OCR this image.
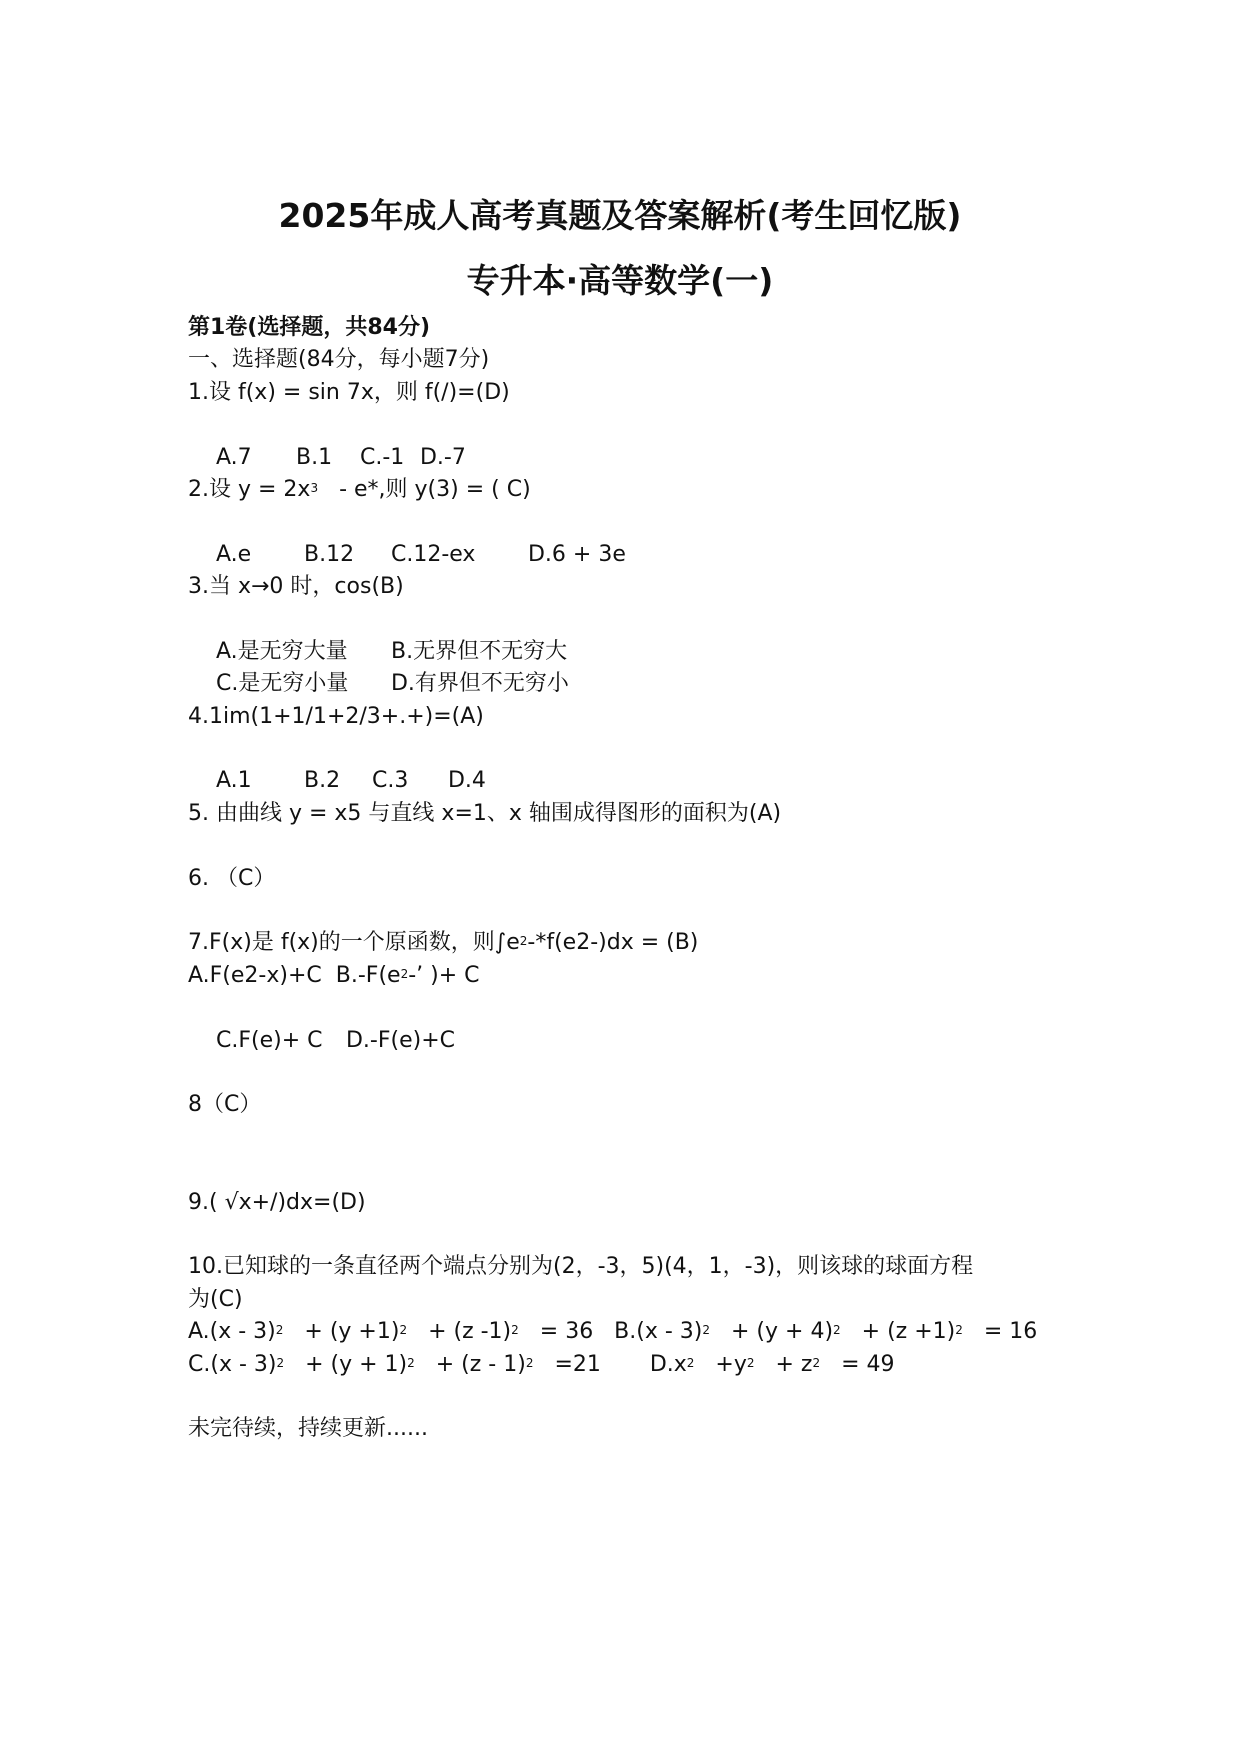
2025年成人高考真题及答案解析(考生回忆版)
专升本·高等数学(一)
第1卷(选择题，共84分)
一、选择题(84分，每小题7分)
1.设 f(x) = sin 7x，则 f(/)=(D)

A.7 B.1 C.-1 D.-7

2.设 $y = 2x^3 - e*$,则 y(3) = ( C)

A.e B.12 C.12-ex D.6 + 3e

3.当 x→0 时，cos(B)

A.是无穷大量 B.无界但不无穷大

C.是无穷小量 D.有界但不无穷小

4.1im(1+1/1+2/3+.+)=(A)

A.1 B.2 C.3 D.4

5. 由曲线 y = x5 与直线 x=1、x 轴围成得图形的面积为(A)
6. （C）
7.F(x)是 f(x)的一个原函数，则$\int e^2-*f(e2-)dx = (B)$
A.F(e2-x)+C $B.-F(e^2-$’ )+ C

C.F(e)+ C D.-F(e)+C

8（C）
9.( √x+/)dx=(D)
10.已知球的一条直径两个端点分别为(2，-3，5)(4，1，-3)，则该球的球面方程
为(C)
$A.(x - 3)^2 + (y +1)^2 + (z$ -1)$^2$ = 36 $B.(x - 3)^2 + (y + 4)^2 + (z +1)^2 = 16$
$C.(x - 3)^2 + (y + 1)^2 + (z - 1)^2 =21$ $D.x^2 +y^2 + z^2 = 49$
未完待续，持续更新......
